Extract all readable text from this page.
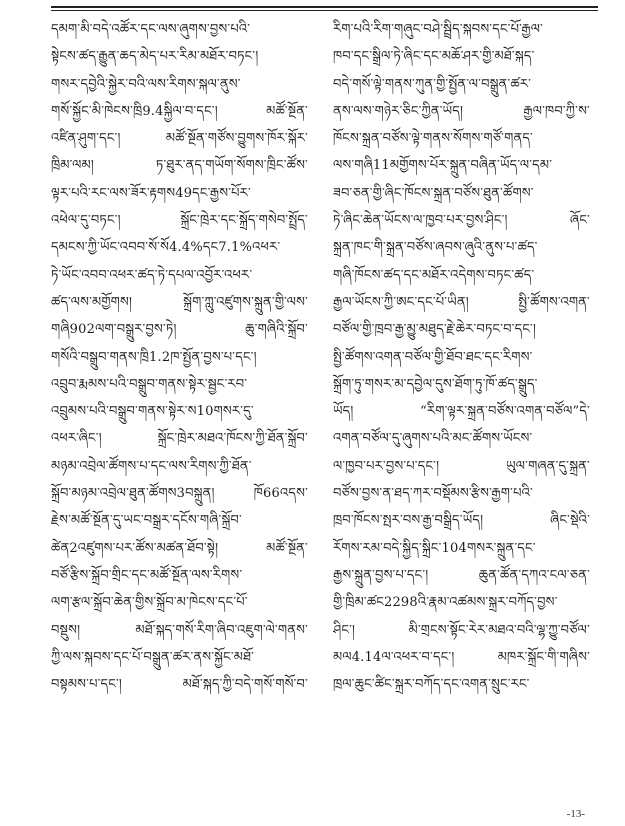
དམག་མི་བདེ་འཚོར་དང་ལས་ཞུགས་བྱས་པའི་
སྟེངས་ཚད་རྒྱུན་ཆད་མེད་པར་རིམ་མཐོར་བཏང་།
གསར་དབྱེའི་སྐྱེར་བའི་ལས་རིགས་སྐལ་ནུས་
གསོ་སྐྱོང་མི་ཁེངས་ཁྲི9.4སྐྱིལ་བ་དང་། མཚོ་སྔོན་
འཛིན་ཤུག་དང་། མཚོ་སྔོན་གཙོས་བྱུགས་ཁོར་སྐོར་
ཁྲིམ་ལམ། ཏ་ཐུར་ནད་གཡོག་སོགས་ཁྲིང་ཚོས་
ལྟར་པའི་རང་ལས་ཟོར་རྟགས49དང་རྒྱས་པོར་
འཕེལ་དུ་བཏང་། སྐྲོང་ཁྲེར་དང་སྐྲོད་གསེབ་སྤྲོད་
དམངས་ཀྱི་ཡོང་འབབ་སོ་སོ4.4%དང7.1%འཕར་
ཏེ་ཡོང་འབབ་འཕར་ཚད་ཏེ་དཔལ་འབྱོར་འཕར་
ཚད་ལས་མགྱོགས། སྐྲོག་ཀླུ་འཛུགས་སྐྲུན་གྱི་ལས་
གཞི902ལག་བསྒྲུར་བྱས་ཏེ། ཆུ་གཞིའི་སྐྲོབ་
གསོའི་བསྒྲུབ་གནས་ཁྲི1.2ཁ་སྤྱོན་བྱས་པ་དང་།
འབྲུབ་རྨམས་པའི་བསྒྲུབ་གནས་སྟེར་སྦྱང་རབ་
འབྲུམས་པའི་བསྒྲུབ་གནས་སྟེར་ས10གསར་དུ་
འཕར་ཞིང་། སྐྲོང་ཁྲེར་མཐའ་ཁོངས་ཀྱི་ཐོན་སྐྲོབ་
མཉམ་འབྲེལ་ཚོགས་པ་དང་ལས་རིགས་ཀྱི་ཐོན་
སྐྲོབ་མཉམ་འབྲེལ་ཐུན་ཚོགས3བསྐྲུན། ཁོ66འདས་
རྗེས་མཚོ་སྔོན་དུ་ཡང་བསྒྲར་དངོས་གཞི་སྐྲོབ་
ཚེན2འཛུགས་པར་ཚོས་མཚན་ཐོབ་སྟེ། མཚོ་སྔོན་
བཙོ་རྩིས་སྐྲོབ་གྲིང་དང་མཚོ་སྔོན་ལས་རིགས་
ལག་རྩལ་སྐྲོབ་ཆེན་གྱིས་སྐྲོབ་མ་ཁེངས་དང་པོ་
བསྡུས། མཐོ་སྐད་གསོ་རིག་ཞིབ་འཇུག་ལེ་གནས་
ཀྱི་ལས་སྐབས་དང་པོ་བསྒྲུན་ཚར་ནས་སྐྱོང་མཐོ་
བསྟམས་པ་དང་། མཐོ་སྐད་ཀྱི་བདེ་གསོ་གསོ་བ་
རིག་པའི་རིག་གཞུང་བཤེ་སྦྲིད་སྐབས་དང་པོ་རྒྱལ་
ཁབ་དང་སྒྲིལ་ཏེ་ཞིང་དང་མཆོ་ཤར་གྱི་མཐོ་སྐད་
བདེ་གསོ་ལྟེ་གནས་ཀུན་གྱི་སྤྱོན་ལ་བསྒྲུན་ཚར་
ནས་ལས་གཉེར་ཅིང་ཀྱིན་ཡོད། རྒྱལ་ཁབ་ཀྱི་ས་
ཁོངས་སྐྲན་བཙོས་ལྟེ་གནས་སོགས་གཙོ་གནད་
ལས་གཞི11མགྱོགས་པོར་སྐྲུན་བཞིན་ཡོད་ལ་དམ་
ཟབ་ཅན་གྱི་ཞིང་ཁོངས་སྐྲན་བཙོས་ཐུན་ཚོགས་
ཏེ་ཞིང་ཆེན་ཡོངས་ལ་ཁྱབ་པར་བྱས་ཤིང་། ཞོང་
སྐྲན་ཁང་གི་སྐྲན་བཙོས་ཞབས་ཞུའི་ནུས་པ་ཚད་
གཞི་ཁོངས་ཚད་དང་མཐོར་འདེགས་བཏང་ཚད་
རྒྱལ་ཡོངས་ཀྱི་ཨང་དང་པོ་ཡིན། སྤྱི་ཚོགས་འགན་
བཙོལ་གྱི་ཁྲབ་རྒྱ་མྱུ་མཐུད་རྗེ་ཆེར་བཏང་བ་དང་།
སྤྱི་ཚོགས་འགན་བཙོལ་གྱི་ཐོབ་ཐང་དང་རིགས་
སྐྲོག་ཏུ་གསར་མ་དབྱེལ་དུས་ཐོག་ཏུ་ཁོ་ཚད་སྒྲུད་
ཡོད། “རིག་ལྟར་སྐྲན་བཙོས་འགན་བཙོལ”དེ་
འགན་བཙོལ་དུ་ཞུགས་པའི་མང་ཚོགས་ཡོངས་
ལ་ཁྱབ་པར་བྱས་པ་དང་། ཡུལ་གཞན་དུ་སྐྲན་
བཙོས་བྱས་ན་ཐད་ཀར་བསྡོམས་རྩིས་རྒྱག་པའི་
ཁྲབ་ཁོངས་སྤར་བས་རྒྱ་བསྒྲིད་ཡོད། ཞིང་སྡེའི་
རོགས་རམ་བདེ་སྐྱིད་སྐྲིང་104གསར་སྐྲུན་དང་
རྒྱས་སྐྲུན་བྱས་པ་དང་། ཆུན་ཚོན་དཀའ་ངལ་ཅན་
གྱི་ཁྲིམ་ཚང2298འི་རྣམ་འཚམས་སྐྲར་བཀོད་བྱས་
ཤིང་། མི་གྲངས་སྟོང་རེར་མཐའ་བའི་ལྷ་ཀྱུ་བཙོལ་
མལ4.14ལ་འཕར་བ་དང་། མཁར་སྐྲོང་གི་གཞིས་
ཁྲལ་ཆུང་ཚིང་སྐྲར་བཀོད་དང་འགན་སྲུང་རང་
-13-
